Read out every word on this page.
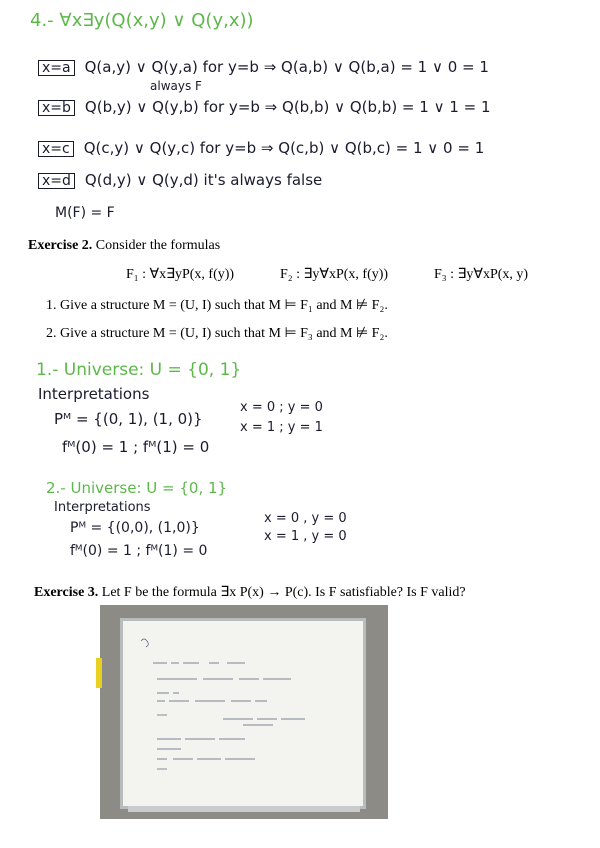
4.- ∀x∃y(Q(x,y) ∨ Q(y,x))
x=a Q(a,y) ∨ Q(y,a) for y=b ⇒ Q(a,b) ∨ Q(b,a) = 1 ∨ 0 = 1
always F
x=b Q(b,y) ∨ Q(y,b) for y=b ⇒ Q(b,b) ∨ Q(b,b) = 1 ∨ 1 = 1
x=c Q(c,y) ∨ Q(y,c) for y=b ⇒ Q(c,b) ∨ Q(b,c) = 1 ∨ 0 = 1
x=d Q(d,y) ∨ Q(y,d) it's always false
M(F) = F
Exercise 2. Consider the formulas
F₁ : ∀x∃yP(x, f(y))	F₂ : ∃y∀xP(x, f(y))	F₃ : ∃y∀xP(x, y)
1. Give a structure M = (U, I) such that M ⊨ F₁ and M ⊭ F₂.
2. Give a structure M = (U, I) such that M ⊨ F₃ and M ⊭ F₂.
1.- Universe: U = {0, 1}
Interpretations
Pᴹ = {(0, 1), (1, 0)}
fᴹ(0) = 1 ; fᴹ(1) = 0
x = 0 ; y = 0
x = 1 ; y = 1
2.- Universe: U = {0, 1}
Interpretations
Pᴹ = {(0,0), (1,0)}
fᴹ(0) = 1 ; fᴹ(1) = 0
x = 0 , y = 0
x = 1 , y = 0
Exercise 3. Let F be the formula ∃x P(x) → P(c). Is F satisfiable? Is F valid?
